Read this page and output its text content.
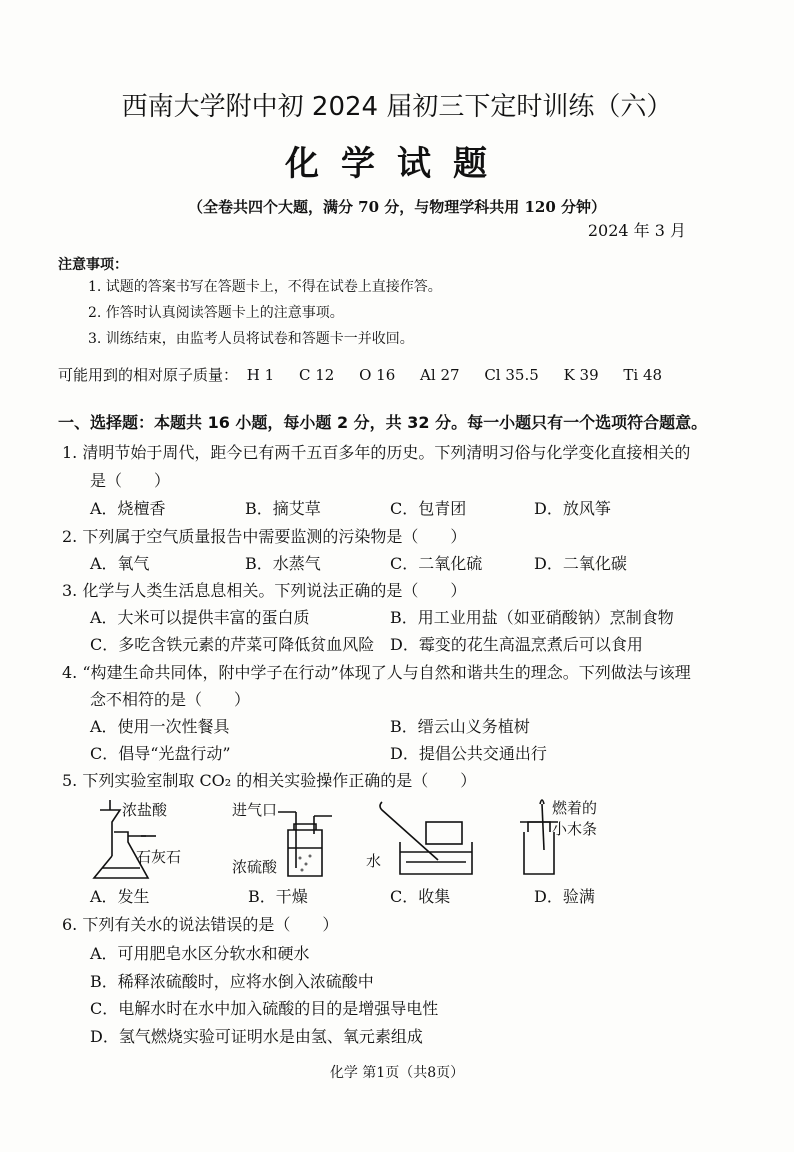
西南大学附中初 2024 届初三下定时训练（六）
化学试题
（全卷共四个大题，满分 70 分，与物理学科共用 120 分钟）
2024 年 3 月
注意事项：
1. 试题的答案书写在答题卡上，不得在试卷上直接作答。
2. 作答时认真阅读答题卡上的注意事项。
3. 训练结束，由监考人员将试卷和答题卡一并收回。
可能用到的相对原子质量： H 1 C 12 O 16 Al 27 Cl 35.5 K 39 Ti 48
一、选择题：本题共 16 小题，每小题 2 分，共 32 分。每一小题只有一个选项符合题意。
1. 清明节始于周代，距今已有两千五百多年的历史。下列清明习俗与化学变化直接相关的
是（　　）
A．烧檀香	B．摘艾草	C．包青团	D．放风筝
2. 下列属于空气质量报告中需要监测的污染物是（　　）
A．氧气	B．水蒸气	C．二氧化硫	D．二氧化碳
3. 化学与人类生活息息相关。下列说法正确的是（　　）
A．大米可以提供丰富的蛋白质	B．用工业用盐（如亚硝酸钠）烹制食物
C．多吃含铁元素的芹菜可降低贫血风险 D．霉变的花生高温烹煮后可以食用
4. “构建生命共同体，附中学子在行动”体现了人与自然和谐共生的理念。下列做法与该理
念不相符的是（　　）
A．使用一次性餐具	B．缙云山义务植树
C．倡导“光盘行动”	D．提倡公共交通出行
5. 下列实验室制取 CO₂ 的相关实验操作正确的是（　　）
浓盐酸
石灰石
进气口
浓硫酸	水
燃着的
小木条
A．发生	B．干燥	C．收集	D．验满
6. 下列有关水的说法错误的是（　　）
A．可用肥皂水区分软水和硬水
B．稀释浓硫酸时，应将水倒入浓硫酸中
C．电解水时在水中加入硫酸的目的是增强导电性
D．氢气燃烧实验可证明水是由氢、氧元素组成
化学 第1页（共8页）
